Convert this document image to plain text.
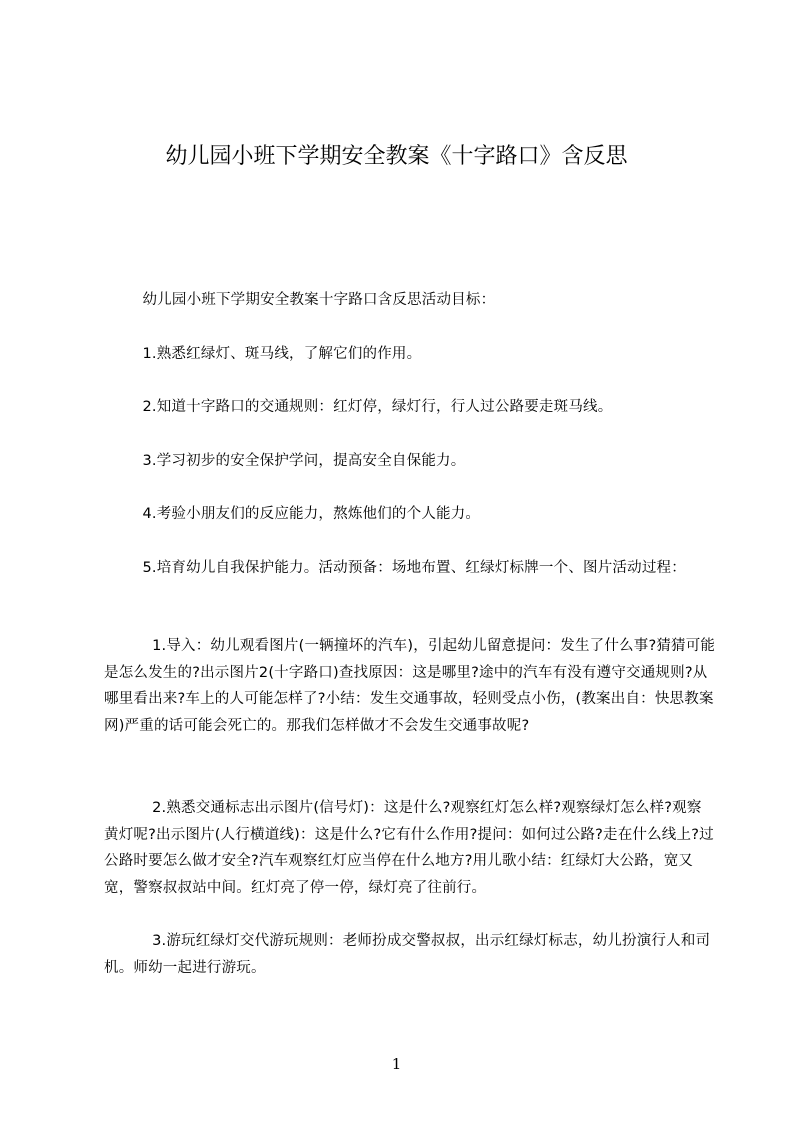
幼儿园小班下学期安全教案《十字路口》含反思

幼儿园小班下学期安全教案十字路口含反思活动目标：

1.熟悉红绿灯、斑马线，了解它们的作用。

2.知道十字路口的交通规则：红灯停，绿灯行，行人过公路要走斑马线。

3.学习初步的安全保护学问，提高安全自保能力。

4.考验小朋友们的反应能力，熬炼他们的个人能力。

5.培育幼儿自我保护能力。活动预备：场地布置、红绿灯标牌一个、图片活动过程：

1.导入：幼儿观看图片(一辆撞坏的汽车)，引起幼儿留意提问：发生了什么事?猜猜可能是怎么发生的?出示图片2(十字路口)查找原因：这是哪里?途中的汽车有没有遵守交通规则?从哪里看出来?车上的人可能怎样了?小结：发生交通事故，轻则受点小伤，(教案出自：快思教案网)严重的话可能会死亡的。那我们怎样做才不会发生交通事故呢?

2.熟悉交通标志出示图片(信号灯)：这是什么?观察红灯怎么样?观察绿灯怎么样?观察黄灯呢?出示图片(人行横道线)：这是什么?它有什么作用?提问：如何过公路?走在什么线上?过公路时要怎么做才安全?汽车观察红灯应当停在什么地方?用儿歌小结：红绿灯大公路，宽又宽，警察叔叔站中间。红灯亮了停一停，绿灯亮了往前行。

3.游玩红绿灯交代游玩规则：老师扮成交警叔叔，出示红绿灯标志，幼儿扮演行人和司机。师幼一起进行游玩。

1
